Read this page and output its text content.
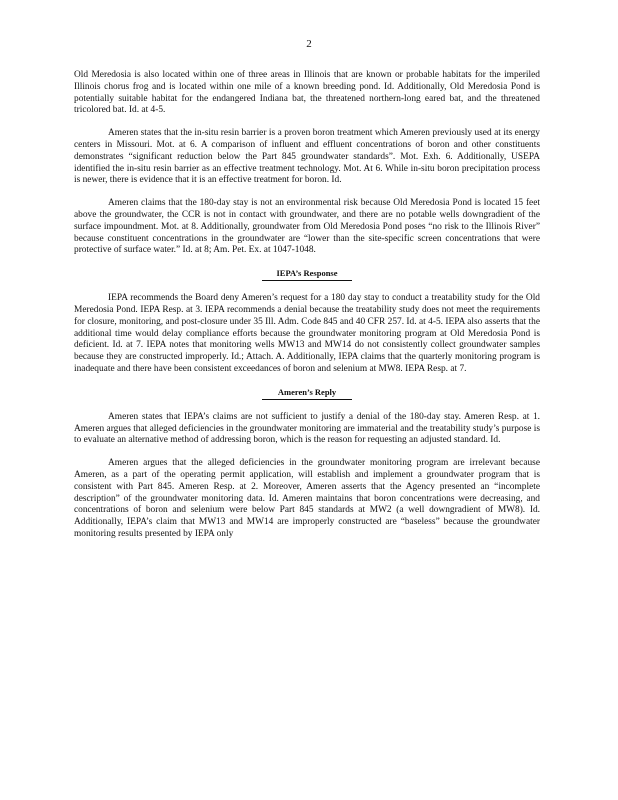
2

Old Meredosia is also located within one of three areas in Illinois that are known or probable habitats for the imperiled Illinois chorus frog and is located within one mile of a known breeding pond. Id. Additionally, Old Meredosia Pond is potentially suitable habitat for the endangered Indiana bat, the threatened northern-long eared bat, and the threatened tricolored bat. Id. at 4-5.

Ameren states that the in-situ resin barrier is a proven boron treatment which Ameren previously used at its energy centers in Missouri. Mot. at 6. A comparison of influent and effluent concentrations of boron and other constituents demonstrates “significant reduction below the Part 845 groundwater standards”. Mot. Exh. 6. Additionally, USEPA identified the in-situ resin barrier as an effective treatment technology. Mot. At 6. While in-situ boron precipitation process is newer, there is evidence that it is an effective treatment for boron. Id.

Ameren claims that the 180-day stay is not an environmental risk because Old Meredosia Pond is located 15 feet above the groundwater, the CCR is not in contact with groundwater, and there are no potable wells downgradient of the surface impoundment. Mot. at 8. Additionally, groundwater from Old Meredosia Pond poses “no risk to the Illinois River” because constituent concentrations in the groundwater are “lower than the site-specific screen concentrations that were protective of surface water.” Id. at 8; Am. Pet. Ex. at 1047-1048.

IEPA’s Response

IEPA recommends the Board deny Ameren’s request for a 180 day stay to conduct a treatability study for the Old Meredosia Pond. IEPA Resp. at 3. IEPA recommends a denial because the treatability study does not meet the requirements for closure, monitoring, and post-closure under 35 Ill. Adm. Code 845 and 40 CFR 257. Id. at 4-5. IEPA also asserts that the additional time would delay compliance efforts because the groundwater monitoring program at Old Meredosia Pond is deficient. Id. at 7. IEPA notes that monitoring wells MW13 and MW14 do not consistently collect groundwater samples because they are constructed improperly. Id.; Attach. A. Additionally, IEPA claims that the quarterly monitoring program is inadequate and there have been consistent exceedances of boron and selenium at MW8. IEPA Resp. at 7.

Ameren’s Reply

Ameren states that IEPA’s claims are not sufficient to justify a denial of the 180-day stay. Ameren Resp. at 1. Ameren argues that alleged deficiencies in the groundwater monitoring are immaterial and the treatability study’s purpose is to evaluate an alternative method of addressing boron, which is the reason for requesting an adjusted standard. Id.

Ameren argues that the alleged deficiencies in the groundwater monitoring program are irrelevant because Ameren, as a part of the operating permit application, will establish and implement a groundwater program that is consistent with Part 845. Ameren Resp. at 2. Moreover, Ameren asserts that the Agency presented an “incomplete description” of the groundwater monitoring data. Id. Ameren maintains that boron concentrations were decreasing, and concentrations of boron and selenium were below Part 845 standards at MW2 (a well downgradient of MW8). Id. Additionally, IEPA’s claim that MW13 and MW14 are improperly constructed are “baseless” because the groundwater monitoring results presented by IEPA only
